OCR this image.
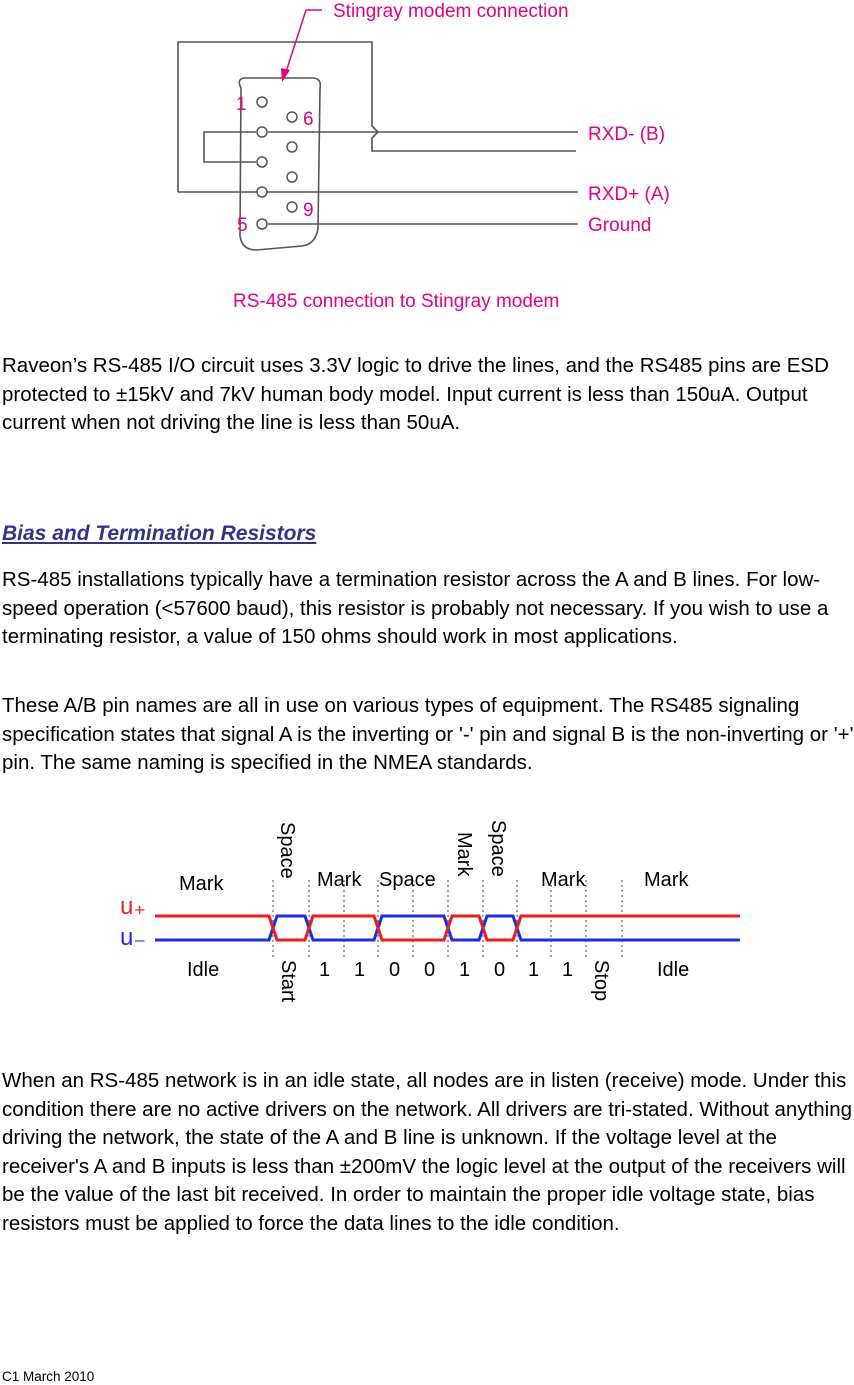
Stingray modem connection
1
6
5
9
RXD- (B)
RXD+ (A)
Ground
RS-485 connection to Stingray modem

Raveon’s RS-485 I/O circuit uses 3.3V logic to drive the lines, and the RS485 pins are ESD protected to ±15kV and 7kV human body model. Input current is less than 150uA. Output current when not driving the line is less than 50uA.

Bias and Termination Resistors

RS-485 installations typically have a termination resistor across the A and B lines. For low-speed operation (<57600 baud), this resistor is probably not necessary. If you wish to use a terminating resistor, a value of 150 ohms should work in most applications.

These A/B pin names are all in use on various types of equipment. The RS485 signaling specification states that signal A is the inverting or '-' pin and signal B is the non-inverting or '+' pin. The same naming is specified in the NMEA standards.

u₊
u₋
Mark
Space
Mark Space
Mark Space
Mark	Mark
Idle	Start 1 1 0 0 1 0 1 1 Stop Idle

When an RS-485 network is in an idle state, all nodes are in listen (receive) mode. Under this condition there are no active drivers on the network. All drivers are tri-stated. Without anything driving the network, the state of the A and B line is unknown. If the voltage level at the receiver's A and B inputs is less than ±200mV the logic level at the output of the receivers will be the value of the last bit received. In order to maintain the proper idle voltage state, bias resistors must be applied to force the data lines to the idle condition.

C1 March 2010
